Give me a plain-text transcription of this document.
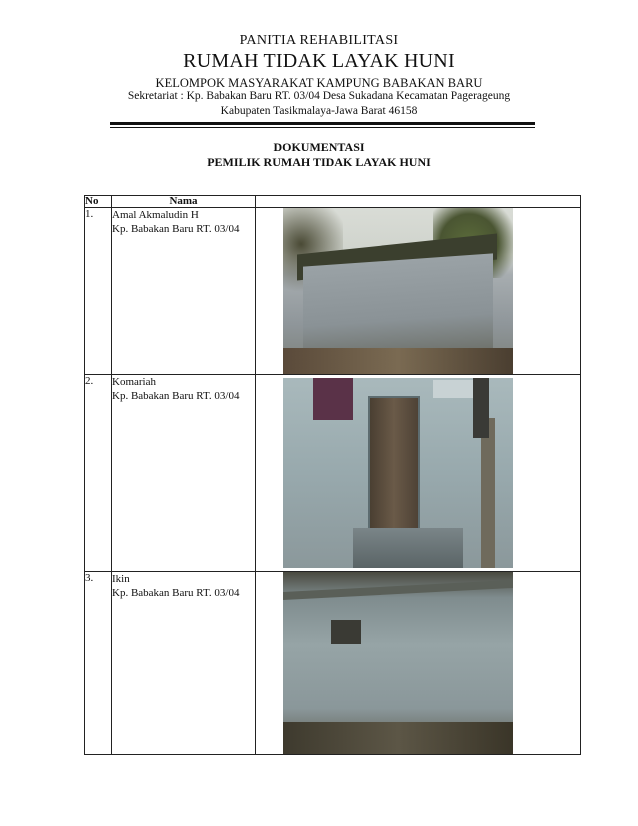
PANITIA REHABILITASI
RUMAH TIDAK LAYAK HUNI
KELOMPOK MASYARAKAT KAMPUNG BABAKAN BARU
Sekretariat : Kp. Babakan Baru RT. 03/04 Desa Sukadana Kecamatan Pagerageung
Kabupaten Tasikmalaya-Jawa Barat 46158
DOKUMENTASI
PEMILIK RUMAH TIDAK LAYAK HUNI
No	Nama	
1.	Amal Akmaludin H
Kp. Babakan Baru RT. 03/04	

2.	Komariah
Kp. Babakan Baru RT. 03/04	

3.	Ikin
Kp. Babakan Baru RT. 03/04	
